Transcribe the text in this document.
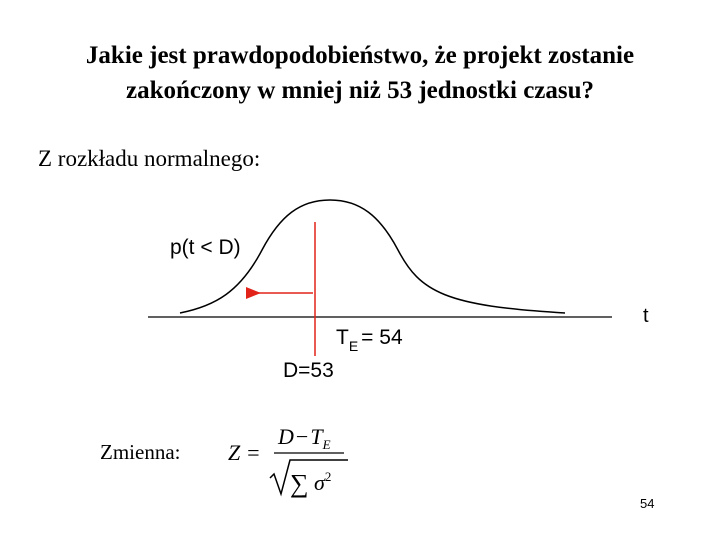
Jakie jest prawdopodobieństwo, że projekt zostanie
zakończony w mniej niż 53 jednostki czasu?
Z rozkładu normalnego:
p(t < D)
t
$T_E = 54$
D=53
Z =
$D-T_E$
∑ $\sigma^2$
Zmienna:
54
